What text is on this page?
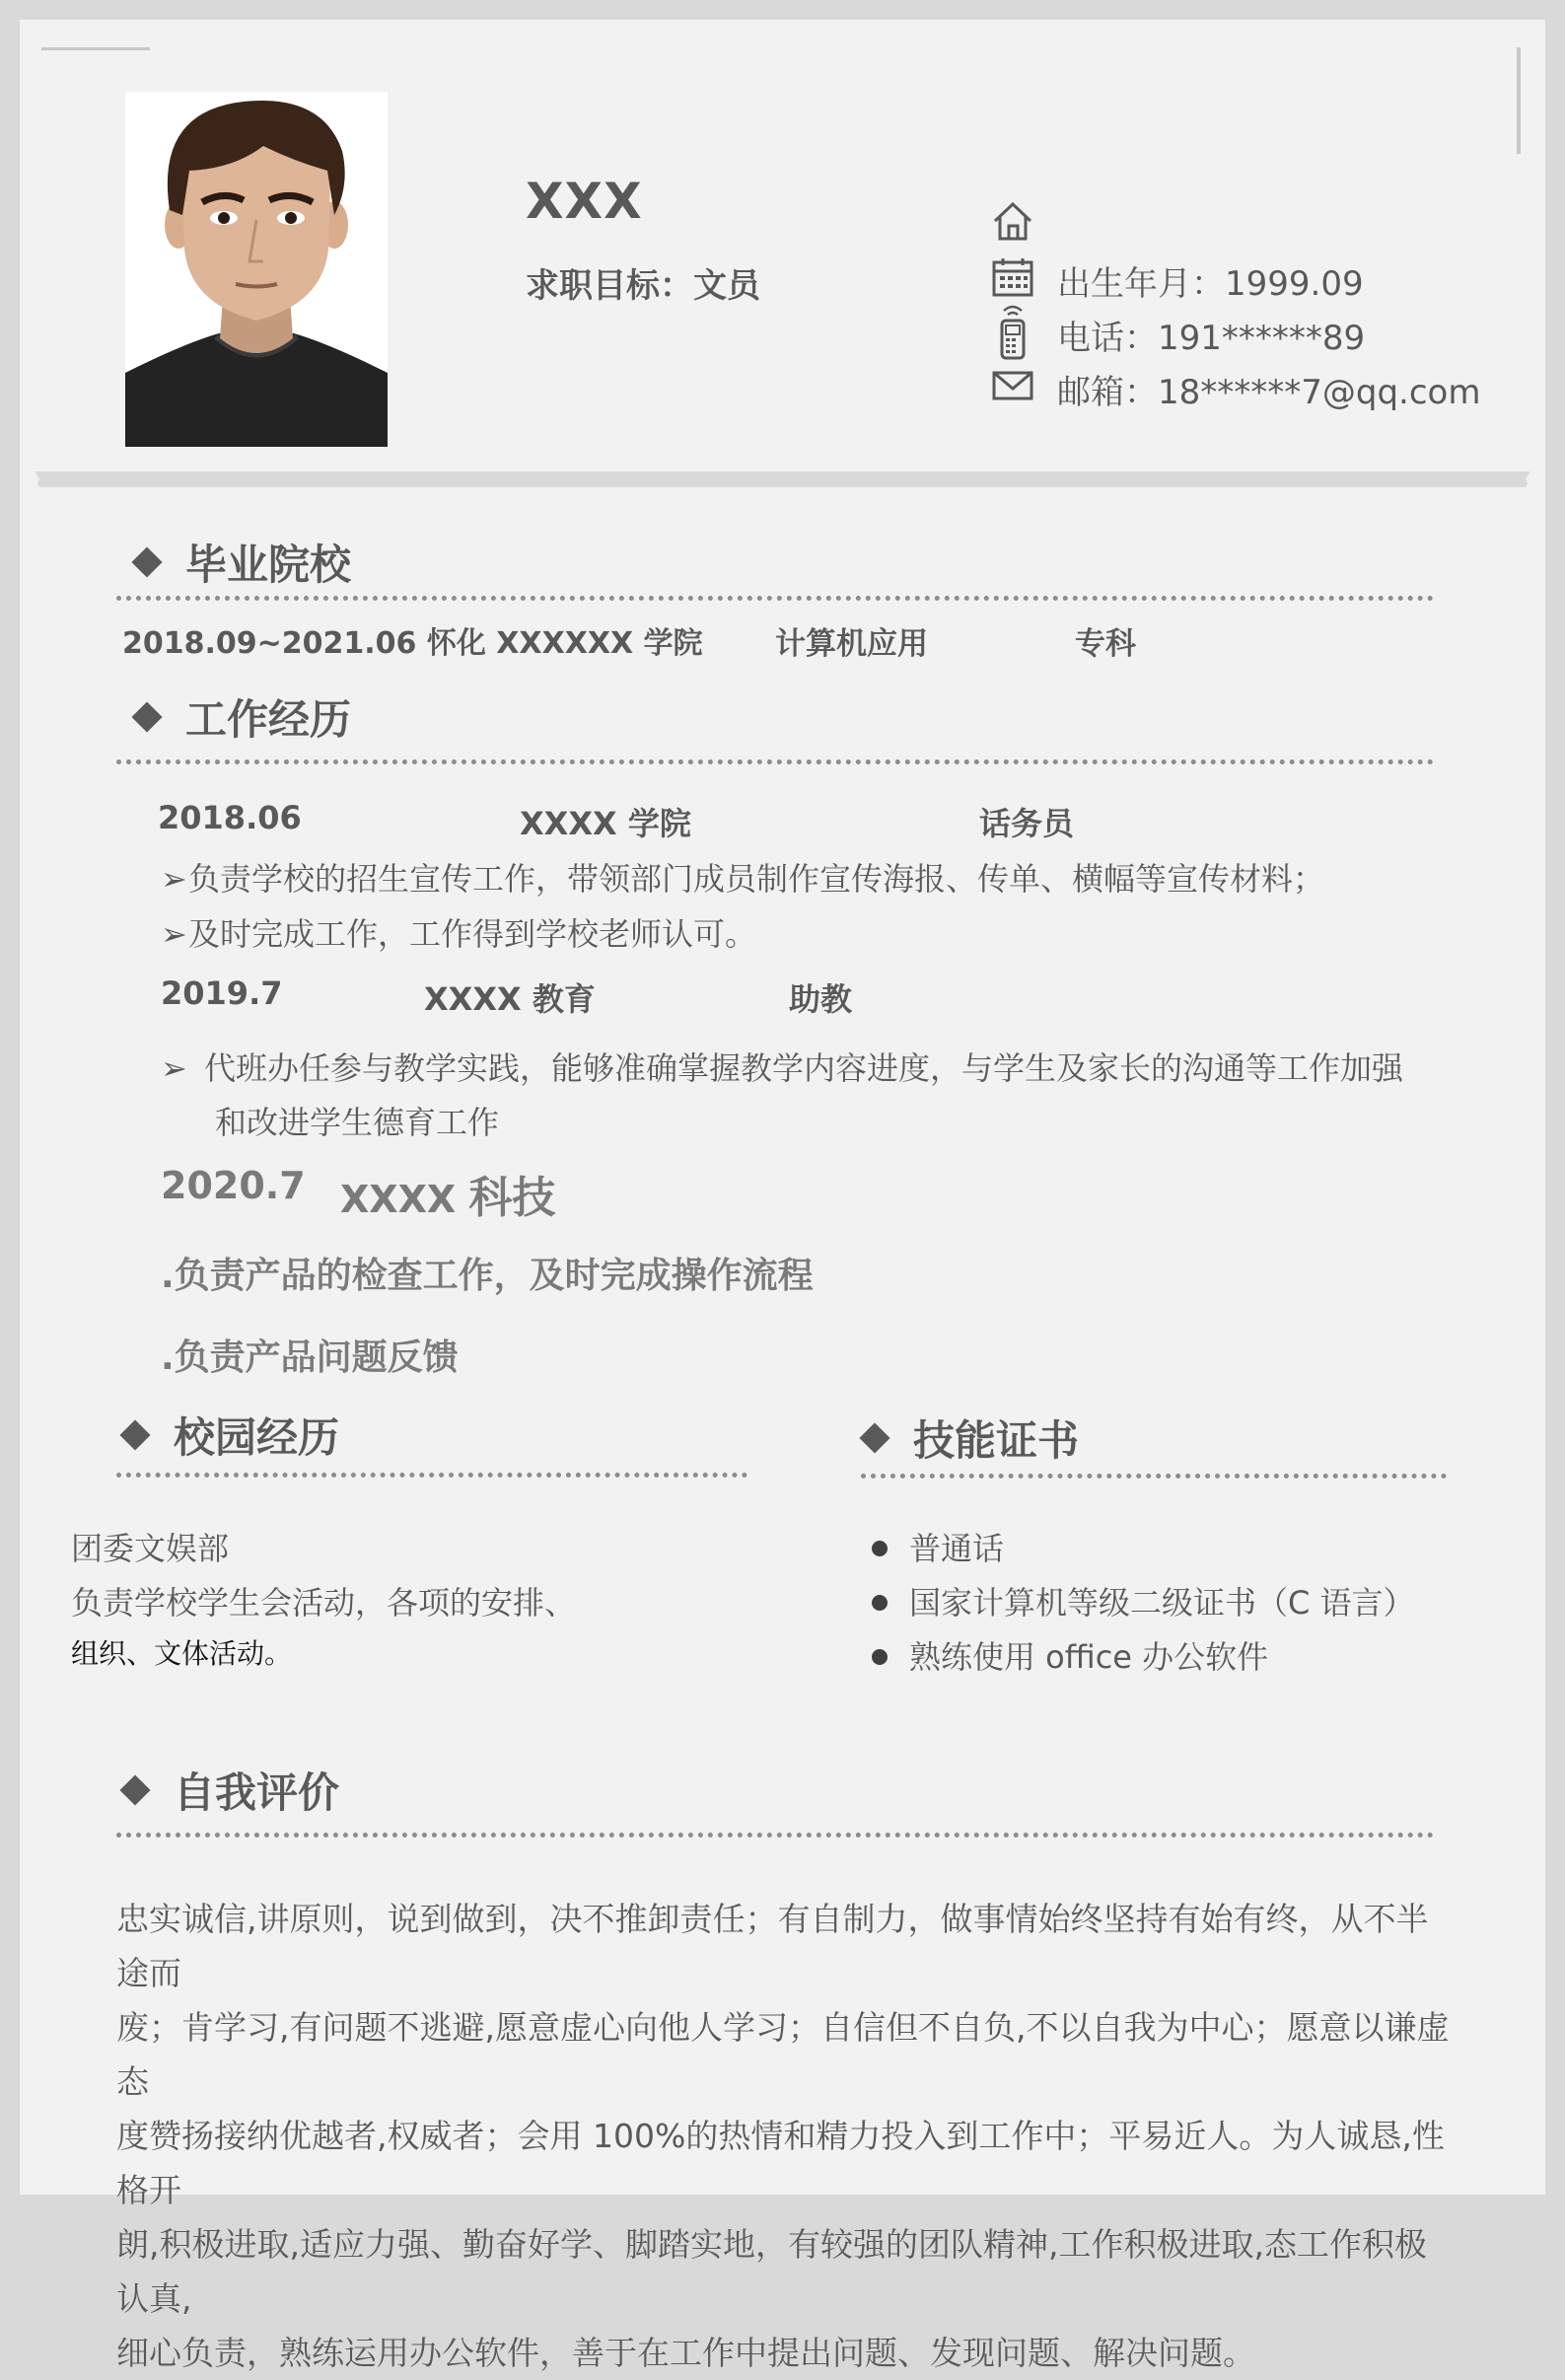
XXX
求职目标：文员	出生年月：1999.09
电话：191******89
邮箱：18******7@qq.com
毕业院校
2018.09~2021.06 怀化 XXXXXX 学院 计算机应用	专科
工作经历
2018.06	XXXX 学院	话务员
➢负责学校的招生宣传工作，带领部门成员制作宣传海报、传单、横幅等宣传材料；
➢及时完成工作，工作得到学校老师认可。
2019.7	XXXX 教育	助教
➢ 代班办任参与教学实践，能够准确掌握教学内容进度，与学生及家长的沟通等工作加强
和改进学生德育工作
2020.7 XXXX 科技
.负责产品的检查工作，及时完成操作流程
.负责产品问题反馈
校园经历
团委文娱部
负责学校学生会活动，各项的安排、
组织、文体活动。
技能证书
普通话
国家计算机等级二级证书（C 语言）
熟练使用 office 办公软件
自我评价
忠实诚信,讲原则，说到做到，决不推卸责任；有自制力，做事情始终坚持有始有终，从不半途而
废；肯学习,有问题不逃避,愿意虚心向他人学习；自信但不自负,不以自我为中心；愿意以谦虚态
度赞扬接纳优越者,权威者；会用 100%的热情和精力投入到工作中；平易近人。为人诚恳,性格开
朗,积极进取,适应力强、勤奋好学、脚踏实地，有较强的团队精神,工作积极进取,态工作积极认真,
细心负责，熟练运用办公软件，善于在工作中提出问题、发现问题、解决问题。
